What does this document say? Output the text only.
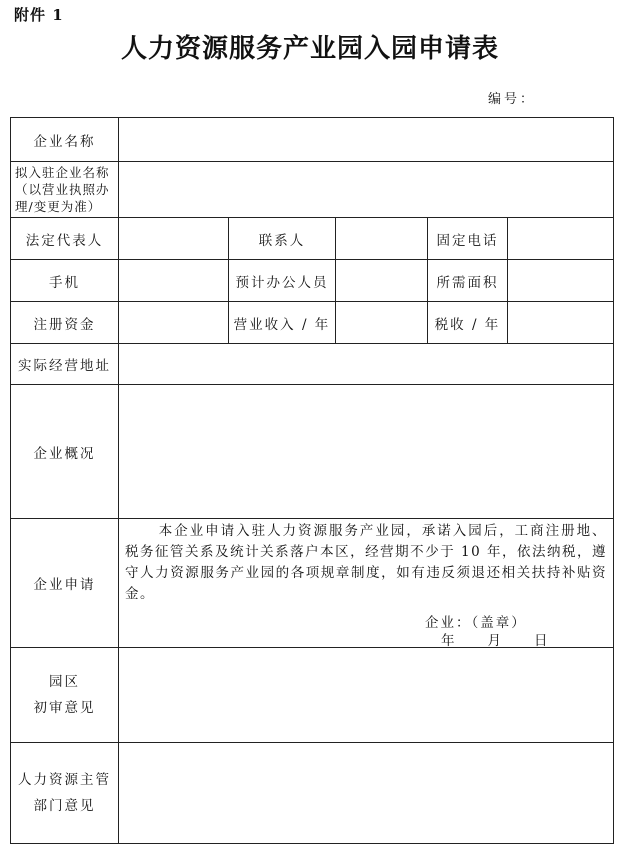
附件 1
人力资源服务产业园入园申请表
编号：
企业名称					
拟入驻企业名称（以营业执照办理/变更为准）					
法定代表人		联系人		固定电话	
手机		预计办公人员		所需面积	
注册资金		营业收入 / 年		税收 / 年	
实际经营地址					
企业概况					
企业申请	本企业申请入驻人力资源服务产业园，承诺入园后，工商注册地、税务征管关系及统计关系落户本区，经营期不少于 10 年，依法纳税，遵守人力资源服务产业园的各项规章制度，如有违反须退还相关扶持补贴资金。
企业：（盖章）
年　　月　　日				

园区
初审意见					
人力资源主管
部门意见					
